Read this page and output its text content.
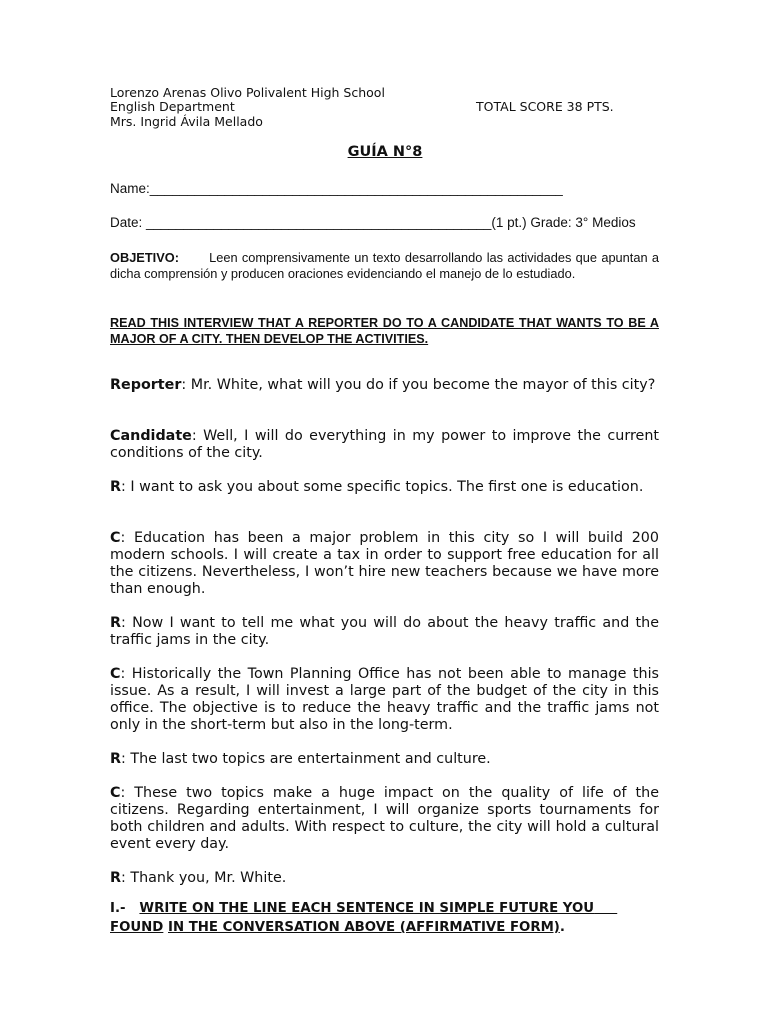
Lorenzo Arenas Olivo Polivalent High School
English Department	TOTAL SCORE 38 PTS.
Mrs. Ingrid Ávila Mellado
GUÍA N°8
Name:_______________________________________________________
Date: ______________________________________________(1 pt.) Grade: 3° Medios
OBJETIVO: Leen comprensivamente un texto desarrollando las actividades que apuntan a dicha comprensión y producen oraciones evidenciando el manejo de lo estudiado.
READ THIS INTERVIEW THAT A REPORTER DO TO A CANDIDATE THAT WANTS TO BE A MAJOR OF A CITY. THEN DEVELOP THE ACTIVITIES.
Reporter: Mr. White, what will you do if you become the mayor of this city?
Candidate: Well, I will do everything in my power to improve the current conditions of the city.
R: I want to ask you about some specific topics. The first one is education.
C: Education has been a major problem in this city so I will build 200 modern schools. I will create a tax in order to support free education for all the citizens. Nevertheless, I won’t hire new teachers because we have more than enough.
R: Now I want to tell me what you will do about the heavy traffic and the traffic jams in the city.
C: Historically the Town Planning Office has not been able to manage this issue. As a result, I will invest a large part of the budget of the city in this office. The objective is to reduce the heavy traffic and the traffic jams not only in the short-term but also in the long-term.
R: The last two topics are entertainment and culture.
C: These two topics make a huge impact on the quality of life of the citizens. Regarding entertainment, I will organize sports tournaments for both children and adults. With respect to culture, the city will hold a cultural event every day.
R: Thank you, Mr. White.
I.- WRITE ON THE LINE EACH SENTENCE IN SIMPLE FUTURE YOU
FOUND IN THE CONVERSATION ABOVE (AFFIRMATIVE FORM).
